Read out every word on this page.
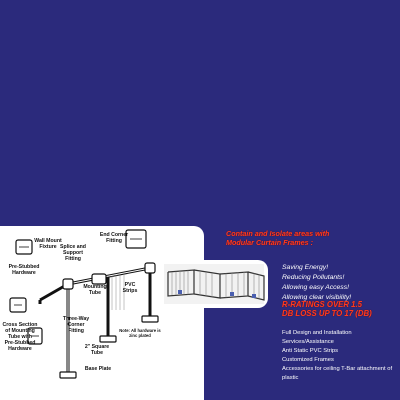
Wall Mount
Fixture
End Corner
Fitting
Pre-Stubbed
Hardware
Splice and
Support
Fitting
Mounting
Tube
PVC
Strips
Three-Way
Corner
Fitting
Cross Section
of Mounting
Tube with
Pre-Stubbed
Hardware	2" Square
Tube
Note: All hardware is
zinc plated
Base Plate
Contain and Isolate areas with
Modular Curtain Frames :
Saving Energy!
Reducing Pollutants!
Allowing easy Access!
Allowing clear visibility!
R-RATINGS OVER 1.5
DB LOSS UP TO 17 (DB)
Full Design and Installation Services/Assistance
Anti Static PVC Strips
Customized Frames
Accessories for ceiling T-Bar attachment of plastic
